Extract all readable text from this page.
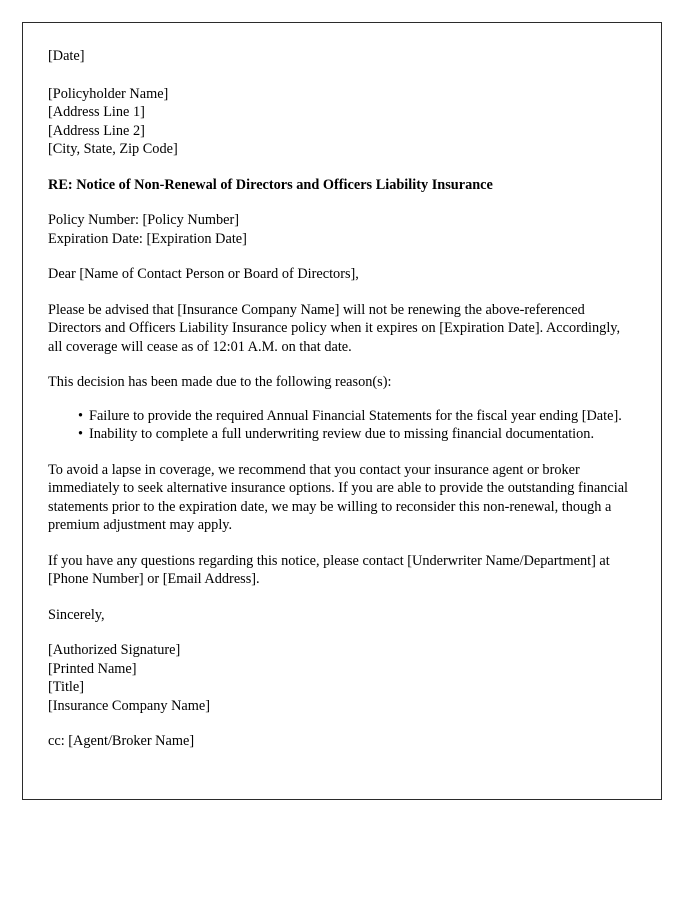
[Date]
[Policyholder Name]
[Address Line 1]
[Address Line 2]
[City, State, Zip Code]
RE: Notice of Non-Renewal of Directors and Officers Liability Insurance
Policy Number: [Policy Number]
Expiration Date: [Expiration Date]
Dear [Name of Contact Person or Board of Directors],
Please be advised that [Insurance Company Name] will not be renewing the above-referenced Directors and Officers Liability Insurance policy when it expires on [Expiration Date]. Accordingly, all coverage will cease as of 12:01 A.M. on that date.
This decision has been made due to the following reason(s):
• Failure to provide the required Annual Financial Statements for the fiscal year ending [Date].
• Inability to complete a full underwriting review due to missing financial documentation.
To avoid a lapse in coverage, we recommend that you contact your insurance agent or broker immediately to seek alternative insurance options. If you are able to provide the outstanding financial statements prior to the expiration date, we may be willing to reconsider this non-renewal, though a premium adjustment may apply.
If you have any questions regarding this notice, please contact [Underwriter Name/Department] at [Phone Number] or [Email Address].
Sincerely,
[Authorized Signature]
[Printed Name]
[Title]
[Insurance Company Name]
cc: [Agent/Broker Name]
